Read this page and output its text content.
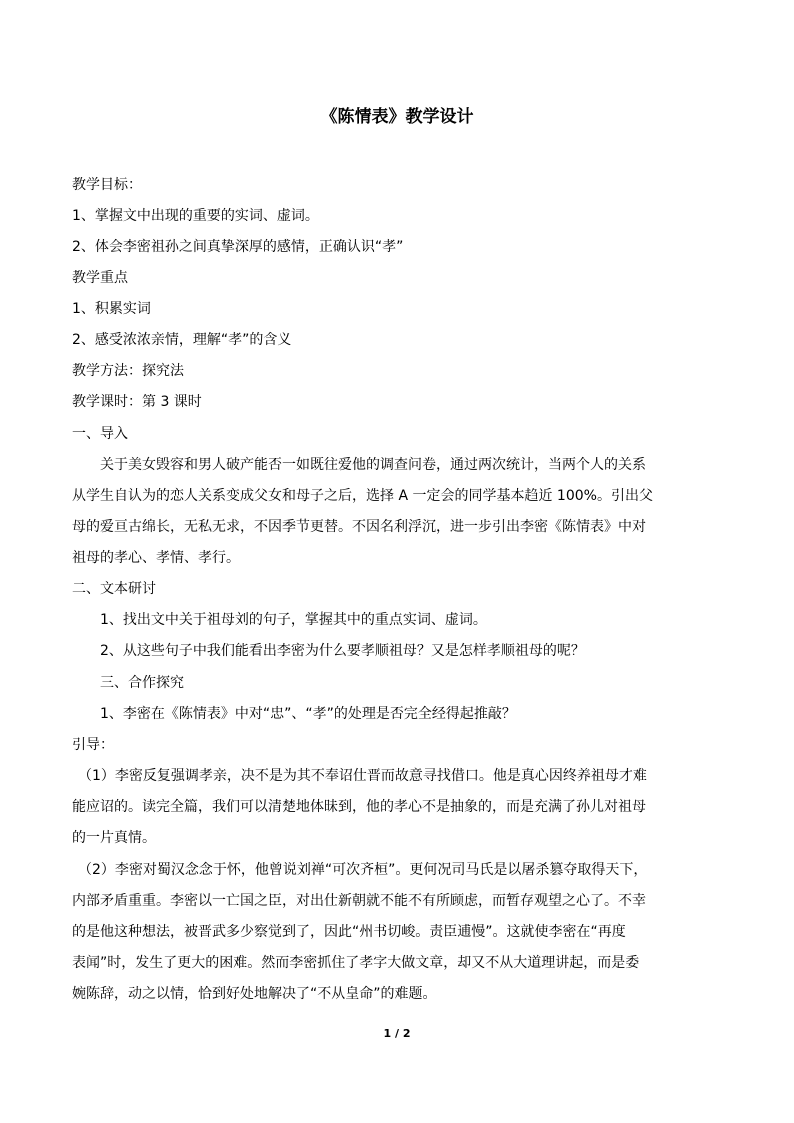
《陈情表》教学设计
教学目标：
1、掌握文中出现的重要的实词、虚词。
2、体会李密祖孙之间真挚深厚的感情，正确认识“孝”
教学重点
1、积累实词
2、感受浓浓亲情，理解“孝”的含义
教学方法：探究法
教学课时：第 3 课时
一、导入
关于美女毁容和男人破产能否一如既往爱他的调查问卷，通过两次统计，当两个人的关系
从学生自认为的恋人关系变成父女和母子之后，选择 A 一定会的同学基本趋近 100%。引出父
母的爱亘古绵长，无私无求，不因季节更替。不因名利浮沉，进一步引出李密《陈情表》中对
祖母的孝心、孝情、孝行。
二、文本研讨
1、找出文中关于祖母刘的句子，掌握其中的重点实词、虚词。
2、从这些句子中我们能看出李密为什么要孝顺祖母？又是怎样孝顺祖母的呢？
三、合作探究
1、李密在《陈情表》中对“忠”、“孝”的处理是否完全经得起推敲？
引导：
（1）李密反复强调孝亲，决不是为其不奉诏仕晋而故意寻找借口。他是真心因终养祖母才难
能应诏的。读完全篇，我们可以清楚地体昧到，他的孝心不是抽象的，而是充满了孙儿对祖母
的一片真情。
（2）李密对蜀汉念念于怀，他曾说刘禅“可次齐桓”。更何况司马氏是以屠杀篡夺取得天下，
内部矛盾重重。李密以一亡国之臣，对出仕新朝就不能不有所顾虑，而暂存观望之心了。不幸
的是他这种想法，被晋武多少察觉到了，因此“州书切峻。责臣逋慢”。这就使李密在“再度
表闻”时，发生了更大的困难。然而李密抓住了孝字大做文章，却又不从大道理讲起，而是委
婉陈辞，动之以情，恰到好处地解决了“不从皇命”的难题。
1 / 2
